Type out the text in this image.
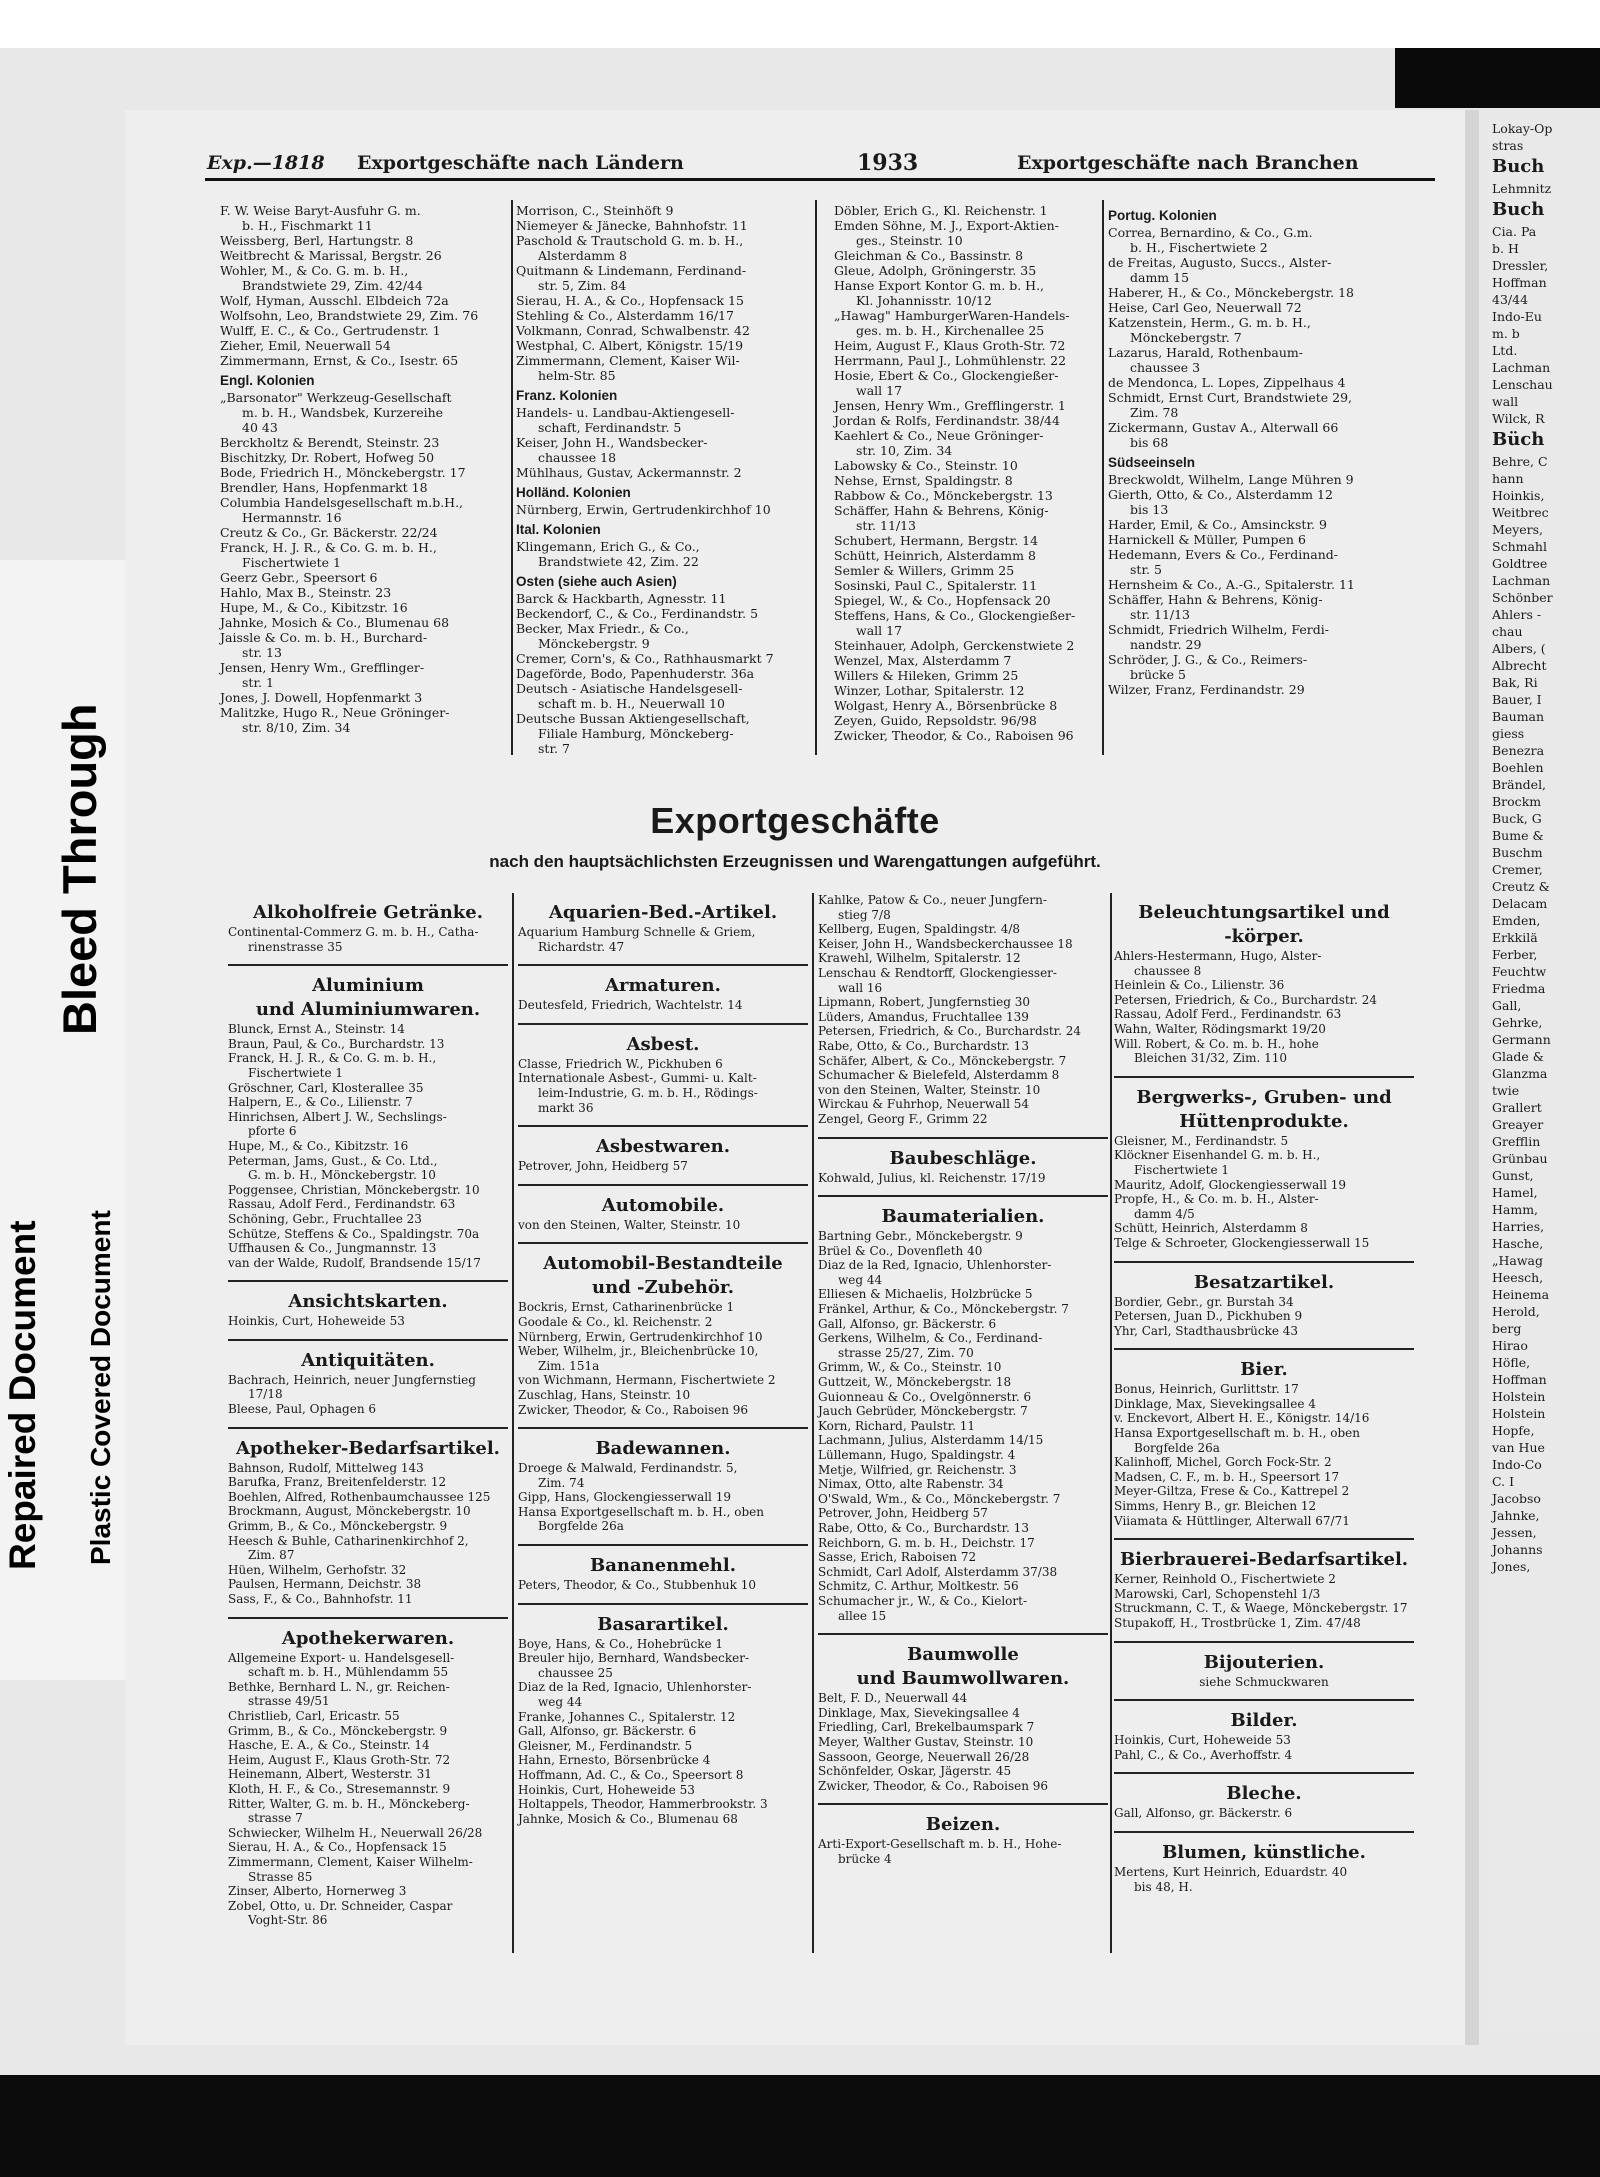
Bleed Through
Repaired Document Plastic Covered Document
Exp.—1818 Exportgeschäfte nach Ländern	1933	Exportgeschäfte nach Branchen
F. W. Weise Baryt-Ausfuhr G. m.
b. H., Fischmarkt 11
Weissberg, Berl, Hartungstr. 8
Weitbrecht & Marissal, Bergstr. 26
Wohler, M., & Co. G. m. b. H.,
Brandstwiete 29, Zim. 42/44
Wolf, Hyman, Ausschl. Elbdeich 72a
Wolfsohn, Leo, Brandstwiete 29, Zim. 76
Wulff, E. C., & Co., Gertrudenstr. 1
Zieher, Emil, Neuerwall 54
Zimmermann, Ernst, & Co., Isestr. 65
Engl. Kolonien
„Barsonator" Werkzeug-Gesellschaft
m. b. H., Wandsbek, Kurzereihe
40 43
Berckholtz & Berendt, Steinstr. 23
Bischitzky, Dr. Robert, Hofweg 50
Bode, Friedrich H., Mönckebergstr. 17
Brendler, Hans, Hopfenmarkt 18
Columbia Handelsgesellschaft m.b.H.,
Hermannstr. 16
Creutz & Co., Gr. Bäckerstr. 22/24
Franck, H. J. R., & Co. G. m. b. H.,
Fischertwiete 1
Geerz Gebr., Speersort 6
Hahlo, Max B., Steinstr. 23
Hupe, M., & Co., Kibitzstr. 16
Jahnke, Mosich & Co., Blumenau 68
Jaissle & Co. m. b. H., Burchard-
str. 13
Jensen, Henry Wm., Grefflinger-
str. 1
Jones, J. Dowell, Hopfenmarkt 3
Malitzke, Hugo R., Neue Gröninger-
str. 8/10, Zim. 34
Morrison, C., Steinhöft 9
Niemeyer & Jänecke, Bahnhofstr. 11
Paschold & Trautschold G. m. b. H.,
Alsterdamm 8
Quitmann & Lindemann, Ferdinand-
str. 5, Zim. 84
Sierau, H. A., & Co., Hopfensack 15
Stehling & Co., Alsterdamm 16/17
Volkmann, Conrad, Schwalbenstr. 42
Westphal, C. Albert, Königstr. 15/19
Zimmermann, Clement, Kaiser Wil-
helm-Str. 85
Franz. Kolonien
Handels- u. Landbau-Aktiengesell-
schaft, Ferdinandstr. 5
Keiser, John H., Wandsbecker-
chaussee 18
Mühlhaus, Gustav, Ackermannstr. 2
Holländ. Kolonien
Nürnberg, Erwin, Gertrudenkirchhof 10
Ital. Kolonien
Klingemann, Erich G., & Co.,
Brandstwiete 42, Zim. 22
Osten (siehe auch Asien)
Barck & Hackbarth, Agnesstr. 11
Beckendorf, C., & Co., Ferdinandstr. 5
Becker, Max Friedr., & Co.,
Mönckebergstr. 9
Cremer, Corn's, & Co., Rathhausmarkt 7
Dageförde, Bodo, Papenhuderstr. 36a
Deutsch - Asiatische Handelsgesell-
schaft m. b. H., Neuerwall 10
Deutsche Bussan Aktiengesellschaft,
Filiale Hamburg, Mönckeberg-
str. 7
Döbler, Erich G., Kl. Reichenstr. 1
Emden Söhne, M. J., Export-Aktien-
ges., Steinstr. 10
Gleichman & Co., Bassinstr. 8
Gleue, Adolph, Gröningerstr. 35
Hanse Export Kontor G. m. b. H.,
Kl. Johannisstr. 10/12
„Hawag" HamburgerWaren-Handels-
ges. m. b. H., Kirchenallee 25
Heim, August F., Klaus Groth-Str. 72
Herrmann, Paul J., Lohmühlenstr. 22
Hosie, Ebert & Co., Glockengießer-
wall 17
Jensen, Henry Wm., Grefflingerstr. 1
Jordan & Rolfs, Ferdinandstr. 38/44
Kaehlert & Co., Neue Gröninger-
str. 10, Zim. 34
Labowsky & Co., Steinstr. 10
Nehse, Ernst, Spaldingstr. 8
Rabbow & Co., Mönckebergstr. 13
Schäffer, Hahn & Behrens, König-
str. 11/13
Schubert, Hermann, Bergstr. 14
Schütt, Heinrich, Alsterdamm 8
Semler & Willers, Grimm 25
Sosinski, Paul C., Spitalerstr. 11
Spiegel, W., & Co., Hopfensack 20
Steffens, Hans, & Co., Glockengießer-
wall 17
Steinhauer, Adolph, Gerckenstwiete 2
Wenzel, Max, Alsterdamm 7
Willers & Hileken, Grimm 25
Winzer, Lothar, Spitalerstr. 12
Wolgast, Henry A., Börsenbrücke 8
Zeyen, Guido, Repsoldstr. 96/98
Zwicker, Theodor, & Co., Raboisen 96
Portug. Kolonien
Correa, Bernardino, & Co., G.m.
b. H., Fischertwiete 2
de Freitas, Augusto, Succs., Alster-
damm 15
Haberer, H., & Co., Mönckebergstr. 18
Heise, Carl Geo, Neuerwall 72
Katzenstein, Herm., G. m. b. H.,
Mönckebergstr. 7
Lazarus, Harald, Rothenbaum-
chaussee 3
de Mendonca, L. Lopes, Zippelhaus 4
Schmidt, Ernst Curt, Brandstwiete 29,
Zim. 78
Zickermann, Gustav A., Alterwall 66
bis 68
Südseeinseln
Breckwoldt, Wilhelm, Lange Mühren 9
Gierth, Otto, & Co., Alsterdamm 12
bis 13
Harder, Emil, & Co., Amsinckstr. 9
Harnickell & Müller, Pumpen 6
Hedemann, Evers & Co., Ferdinand-
str. 5
Hernsheim & Co., A.-G., Spitalerstr. 11
Schäffer, Hahn & Behrens, König-
str. 11/13
Schmidt, Friedrich Wilhelm, Ferdi-
nandstr. 29
Schröder, J. G., & Co., Reimers-
brücke 5
Wilzer, Franz, Ferdinandstr. 29
Exportgeschäfte
nach den hauptsächlichsten Erzeugnissen und Warengattungen aufgeführt.
Alkoholfreie Getränke.
Continental-Commerz G. m. b. H., Catha-
rinenstrasse 35
Aluminium
und Aluminiumwaren.
Blunck, Ernst A., Steinstr. 14
Braun, Paul, & Co., Burchardstr. 13
Franck, H. J. R., & Co. G. m. b. H.,
Fischertwiete 1
Gröschner, Carl, Klosterallee 35
Halpern, E., & Co., Lilienstr. 7
Hinrichsen, Albert J. W., Sechslings-
pforte 6
Hupe, M., & Co., Kibitzstr. 16
Peterman, Jams, Gust., & Co. Ltd.,
G. m. b. H., Mönckebergstr. 10
Poggensee, Christian, Mönckebergstr. 10
Rassau, Adolf Ferd., Ferdinandstr. 63
Schöning, Gebr., Fruchtallee 23
Schütze, Steffens & Co., Spaldingstr. 70a
Uffhausen & Co., Jungmannstr. 13
van der Walde, Rudolf, Brandsende 15/17
Ansichtskarten.
Hoinkis, Curt, Hoheweide 53
Antiquitäten.
Bachrach, Heinrich, neuer Jungfernstieg
17/18
Bleese, Paul, Ophagen 6
Apotheker-Bedarfsartikel.
Bahnson, Rudolf, Mittelweg 143
Barufka, Franz, Breitenfelderstr. 12
Boehlen, Alfred, Rothenbaumchaussee 125
Brockmann, August, Mönckebergstr. 10
Grimm, B., & Co., Mönckebergstr. 9
Heesch & Buhle, Catharinenkirchhof 2,
Zim. 87
Hüen, Wilhelm, Gerhofstr. 32
Paulsen, Hermann, Deichstr. 38
Sass, F., & Co., Bahnhofstr. 11
Apothekerwaren.
Allgemeine Export- u. Handelsgesell-
schaft m. b. H., Mühlendamm 55
Bethke, Bernhard L. N., gr. Reichen-
strasse 49/51
Christlieb, Carl, Ericastr. 55
Grimm, B., & Co., Mönckebergstr. 9
Hasche, E. A., & Co., Steinstr. 14
Heim, August F., Klaus Groth-Str. 72
Heinemann, Albert, Westerstr. 31
Kloth, H. F., & Co., Stresemannstr. 9
Ritter, Walter, G. m. b. H., Mönckeberg-
strasse 7
Schwiecker, Wilhelm H., Neuerwall 26/28
Sierau, H. A., & Co., Hopfensack 15
Zimmermann, Clement, Kaiser Wilhelm-
Strasse 85
Zinser, Alberto, Hornerweg 3
Zobel, Otto, u. Dr. Schneider, Caspar
Voght-Str. 86
Aquarien-Bed.-Artikel.
Aquarium Hamburg Schnelle & Griem,
Richardstr. 47
Armaturen.
Deutesfeld, Friedrich, Wachtelstr. 14
Asbest.
Classe, Friedrich W., Pickhuben 6
Internationale Asbest-, Gummi- u. Kalt-
leim-Industrie, G. m. b. H., Rödings-
markt 36
Asbestwaren.
Petrover, John, Heidberg 57
Automobile.
von den Steinen, Walter, Steinstr. 10
Automobil-Bestandteile
und -Zubehör.
Bockris, Ernst, Catharinenbrücke 1
Goodale & Co., kl. Reichenstr. 2
Nürnberg, Erwin, Gertrudenkirchhof 10
Weber, Wilhelm, jr., Bleichenbrücke 10,
Zim. 151a
von Wichmann, Hermann, Fischertwiete 2
Zuschlag, Hans, Steinstr. 10
Zwicker, Theodor, & Co., Raboisen 96
Badewannen.
Droege & Malwald, Ferdinandstr. 5,
Zim. 74
Gipp, Hans, Glockengiesserwall 19
Hansa Exportgesellschaft m. b. H., oben
Borgfelde 26a
Bananenmehl.
Peters, Theodor, & Co., Stubbenhuk 10
Basarartikel.
Boye, Hans, & Co., Hohebrücke 1
Breuler hijo, Bernhard, Wandsbecker-
chaussee 25
Diaz de la Red, Ignacio, Uhlenhorster-
weg 44
Franke, Johannes C., Spitalerstr. 12
Gall, Alfonso, gr. Bäckerstr. 6
Gleisner, M., Ferdinandstr. 5
Hahn, Ernesto, Börsenbrücke 4
Hoffmann, Ad. C., & Co., Speersort 8
Hoinkis, Curt, Hoheweide 53
Holtappels, Theodor, Hammerbrookstr. 3
Jahnke, Mosich & Co., Blumenau 68
Kahlke, Patow & Co., neuer Jungfern-
stieg 7/8
Kellberg, Eugen, Spaldingstr. 4/8
Keiser, John H., Wandsbeckerchaussee 18
Krawehl, Wilhelm, Spitalerstr. 12
Lenschau & Rendtorff, Glockengiesser-
wall 16
Lipmann, Robert, Jungfernstieg 30
Lüders, Amandus, Fruchtallee 139
Petersen, Friedrich, & Co., Burchardstr. 24
Rabe, Otto, & Co., Burchardstr. 13
Schäfer, Albert, & Co., Mönckebergstr. 7
Schumacher & Bielefeld, Alsterdamm 8
von den Steinen, Walter, Steinstr. 10
Wirckau & Fuhrhop, Neuerwall 54
Zengel, Georg F., Grimm 22
Baubeschläge.
Kohwald, Julius, kl. Reichenstr. 17/19
Baumaterialien.
Bartning Gebr., Mönckebergstr. 9
Brüel & Co., Dovenfleth 40
Diaz de la Red, Ignacio, Uhlenhorster-
weg 44
Elliesen & Michaelis, Holzbrücke 5
Fränkel, Arthur, & Co., Mönckebergstr. 7
Gall, Alfonso, gr. Bäckerstr. 6
Gerkens, Wilhelm, & Co., Ferdinand-
strasse 25/27, Zim. 70
Grimm, W., & Co., Steinstr. 10
Guttzeit, W., Mönckebergstr. 18
Guionneau & Co., Ovelgönnerstr. 6
Jauch Gebrüder, Mönckebergstr. 7
Korn, Richard, Paulstr. 11
Lachmann, Julius, Alsterdamm 14/15
Lüllemann, Hugo, Spaldingstr. 4
Metje, Wilfried, gr. Reichenstr. 3
Nimax, Otto, alte Rabenstr. 34
O'Swald, Wm., & Co., Mönckebergstr. 7
Petrover, John, Heidberg 57
Rabe, Otto, & Co., Burchardstr. 13
Reichborn, G. m. b. H., Deichstr. 17
Sasse, Erich, Raboisen 72
Schmidt, Carl Adolf, Alsterdamm 37/38
Schmitz, C. Arthur, Moltkestr. 56
Schumacher jr., W., & Co., Kielort-
allee 15
Baumwolle
und Baumwollwaren.
Belt, F. D., Neuerwall 44
Dinklage, Max, Sievekingsallee 4
Friedling, Carl, Brekelbaumspark 7
Meyer, Walther Gustav, Steinstr. 10
Sassoon, George, Neuerwall 26/28
Schönfelder, Oskar, Jägerstr. 45
Zwicker, Theodor, & Co., Raboisen 96
Beizen.
Arti-Export-Gesellschaft m. b. H., Hohe-
brücke 4
Beleuchtungsartikel und
-körper.
Ahlers-Hestermann, Hugo, Alster-
chaussee 8
Heinlein & Co., Lilienstr. 36
Petersen, Friedrich, & Co., Burchardstr. 24
Rassau, Adolf Ferd., Ferdinandstr. 63
Wahn, Walter, Rödingsmarkt 19/20
Will. Robert, & Co. m. b. H., hohe
Bleichen 31/32, Zim. 110
Bergwerks-, Gruben- und
Hüttenprodukte.
Gleisner, M., Ferdinandstr. 5
Klöckner Eisenhandel G. m. b. H.,
Fischertwiete 1
Mauritz, Adolf, Glockengiesserwall 19
Propfe, H., & Co. m. b. H., Alster-
damm 4/5
Schütt, Heinrich, Alsterdamm 8
Telge & Schroeter, Glockengiesserwall 15
Besatzartikel.
Bordier, Gebr., gr. Burstah 34
Petersen, Juan D., Pickhuben 9
Yhr, Carl, Stadthausbrücke 43
Bier.
Bonus, Heinrich, Gurlittstr. 17
Dinklage, Max, Sievekingsallee 4
v. Enckevort, Albert H. E., Königstr. 14/16
Hansa Exportgesellschaft m. b. H., oben
Borgfelde 26a
Kalinhoff, Michel, Gorch Fock-Str. 2
Madsen, C. F., m. b. H., Speersort 17
Meyer-Giltza, Frese & Co., Kattrepel 2
Simms, Henry B., gr. Bleichen 12
Viiamata & Hüttlinger, Alterwall 67/71
Bierbrauerei-Bedarfsartikel.
Kerner, Reinhold O., Fischertwiete 2
Marowski, Carl, Schopenstehl 1/3
Struckmann, C. T., & Waege, Mönckebergstr. 17
Stupakoff, H., Trostbrücke 1, Zim. 47/48
Bijouterien.
siehe Schmuckwaren
Bilder.
Hoinkis, Curt, Hoheweide 53
Pahl, C., & Co., Averhoffstr. 4
Bleche.
Gall, Alfonso, gr. Bäckerstr. 6
Blumen, künstliche.
Mertens, Kurt Heinrich, Eduardstr. 40
bis 48, H.
Lokay-Op
stras
Buch
Lehmnitz
Buch
Cia. Pa
b. H
Dressler,
Hoffman
43/44
Indo-Eu
m. b
Ltd.
Lachman
Lenschau
wall
Wilck, R
Büch
Behre, C
hann
Hoinkis,
Weitbrec
Meyers,
Schmahl
Goldtree
Lachman
Schönber
Ahlers -
chau
Albers, (
Albrecht
Bak, Ri
Bauer, I
Bauman
giess
Benezra
Boehlen
Brändel,
Brockm
Buck, G
Bume &
Buschm
Cremer,
Creutz &
Delacam
Emden,
Erkkilä
Ferber,
Feuchtw
Friedma
Gall,
Gehrke,
Germann
Glade &
Glanzma
twie
Grallert
Greayer
Grefflin
Grünbau
Gunst,
Hamel,
Hamm,
Harries,
Hasche,
„Hawag
Heesch,
Heinema
Herold,
berg
Hirao
Höfle,
Hoffman
Holstein
Holstein
Hopfe,
van Hue
Indo-Co
C. I
Jacobso
Jahnke,
Jessen,
Johanns
Jones,
